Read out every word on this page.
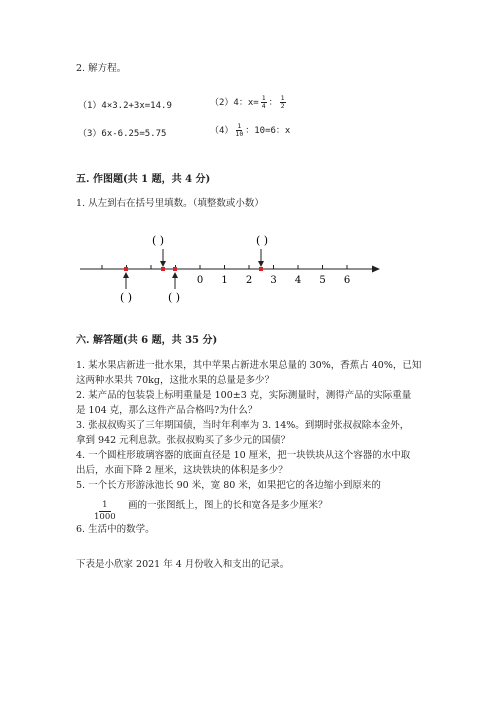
2. 解方程。
（1）4×3.2+3x=14.9	（2）4：$x= \frac{1}{4}$ ： $\frac{1}{2}$
（3）6x-6.25=5.75	$(4) \frac{1}{10}$ ：10=6：x
五. 作图题(共 1 题，共 4 分)
1. 从左到右在括号里填数。（填整数或小数）
( )	( )
0 1 2 3 4 5 6
( )	( )
六. 解答题(共 6 题，共 35 分)
1. 某水果店新进一批水果，其中苹果占新进水果总量的 30%，香蕉占 40%，已知
这两种水果共 70kg，这批水果的总量是多少？
2. 某产品的包装袋上标明重量是 100±3 克，实际测量时，测得产品的实际重量
是 104 克，那么这件产品合格吗?为什么？
3. 张叔叔购买了三年期国债，当时年利率为 3. 14%。到期时张叔叔除本金外，
拿到 942 元利息款。张叔叔购买了多少元的国债？
4. 一个圆柱形玻璃容器的底面直径是 10 厘米，把一块铁块从这个容器的水中取
出后，水面下降 2 厘米，这块铁块的体积是多少？
5. 一个长方形游泳池长 90 米，宽 80 米，如果把它的各边缩小到原来的
$\frac{1}{1000}$ 画的一张图纸上，图上的长和宽各是多少厘米？
6. 生活中的数学。
下表是小欣家 2021 年 4 月份收入和支出的记录。
